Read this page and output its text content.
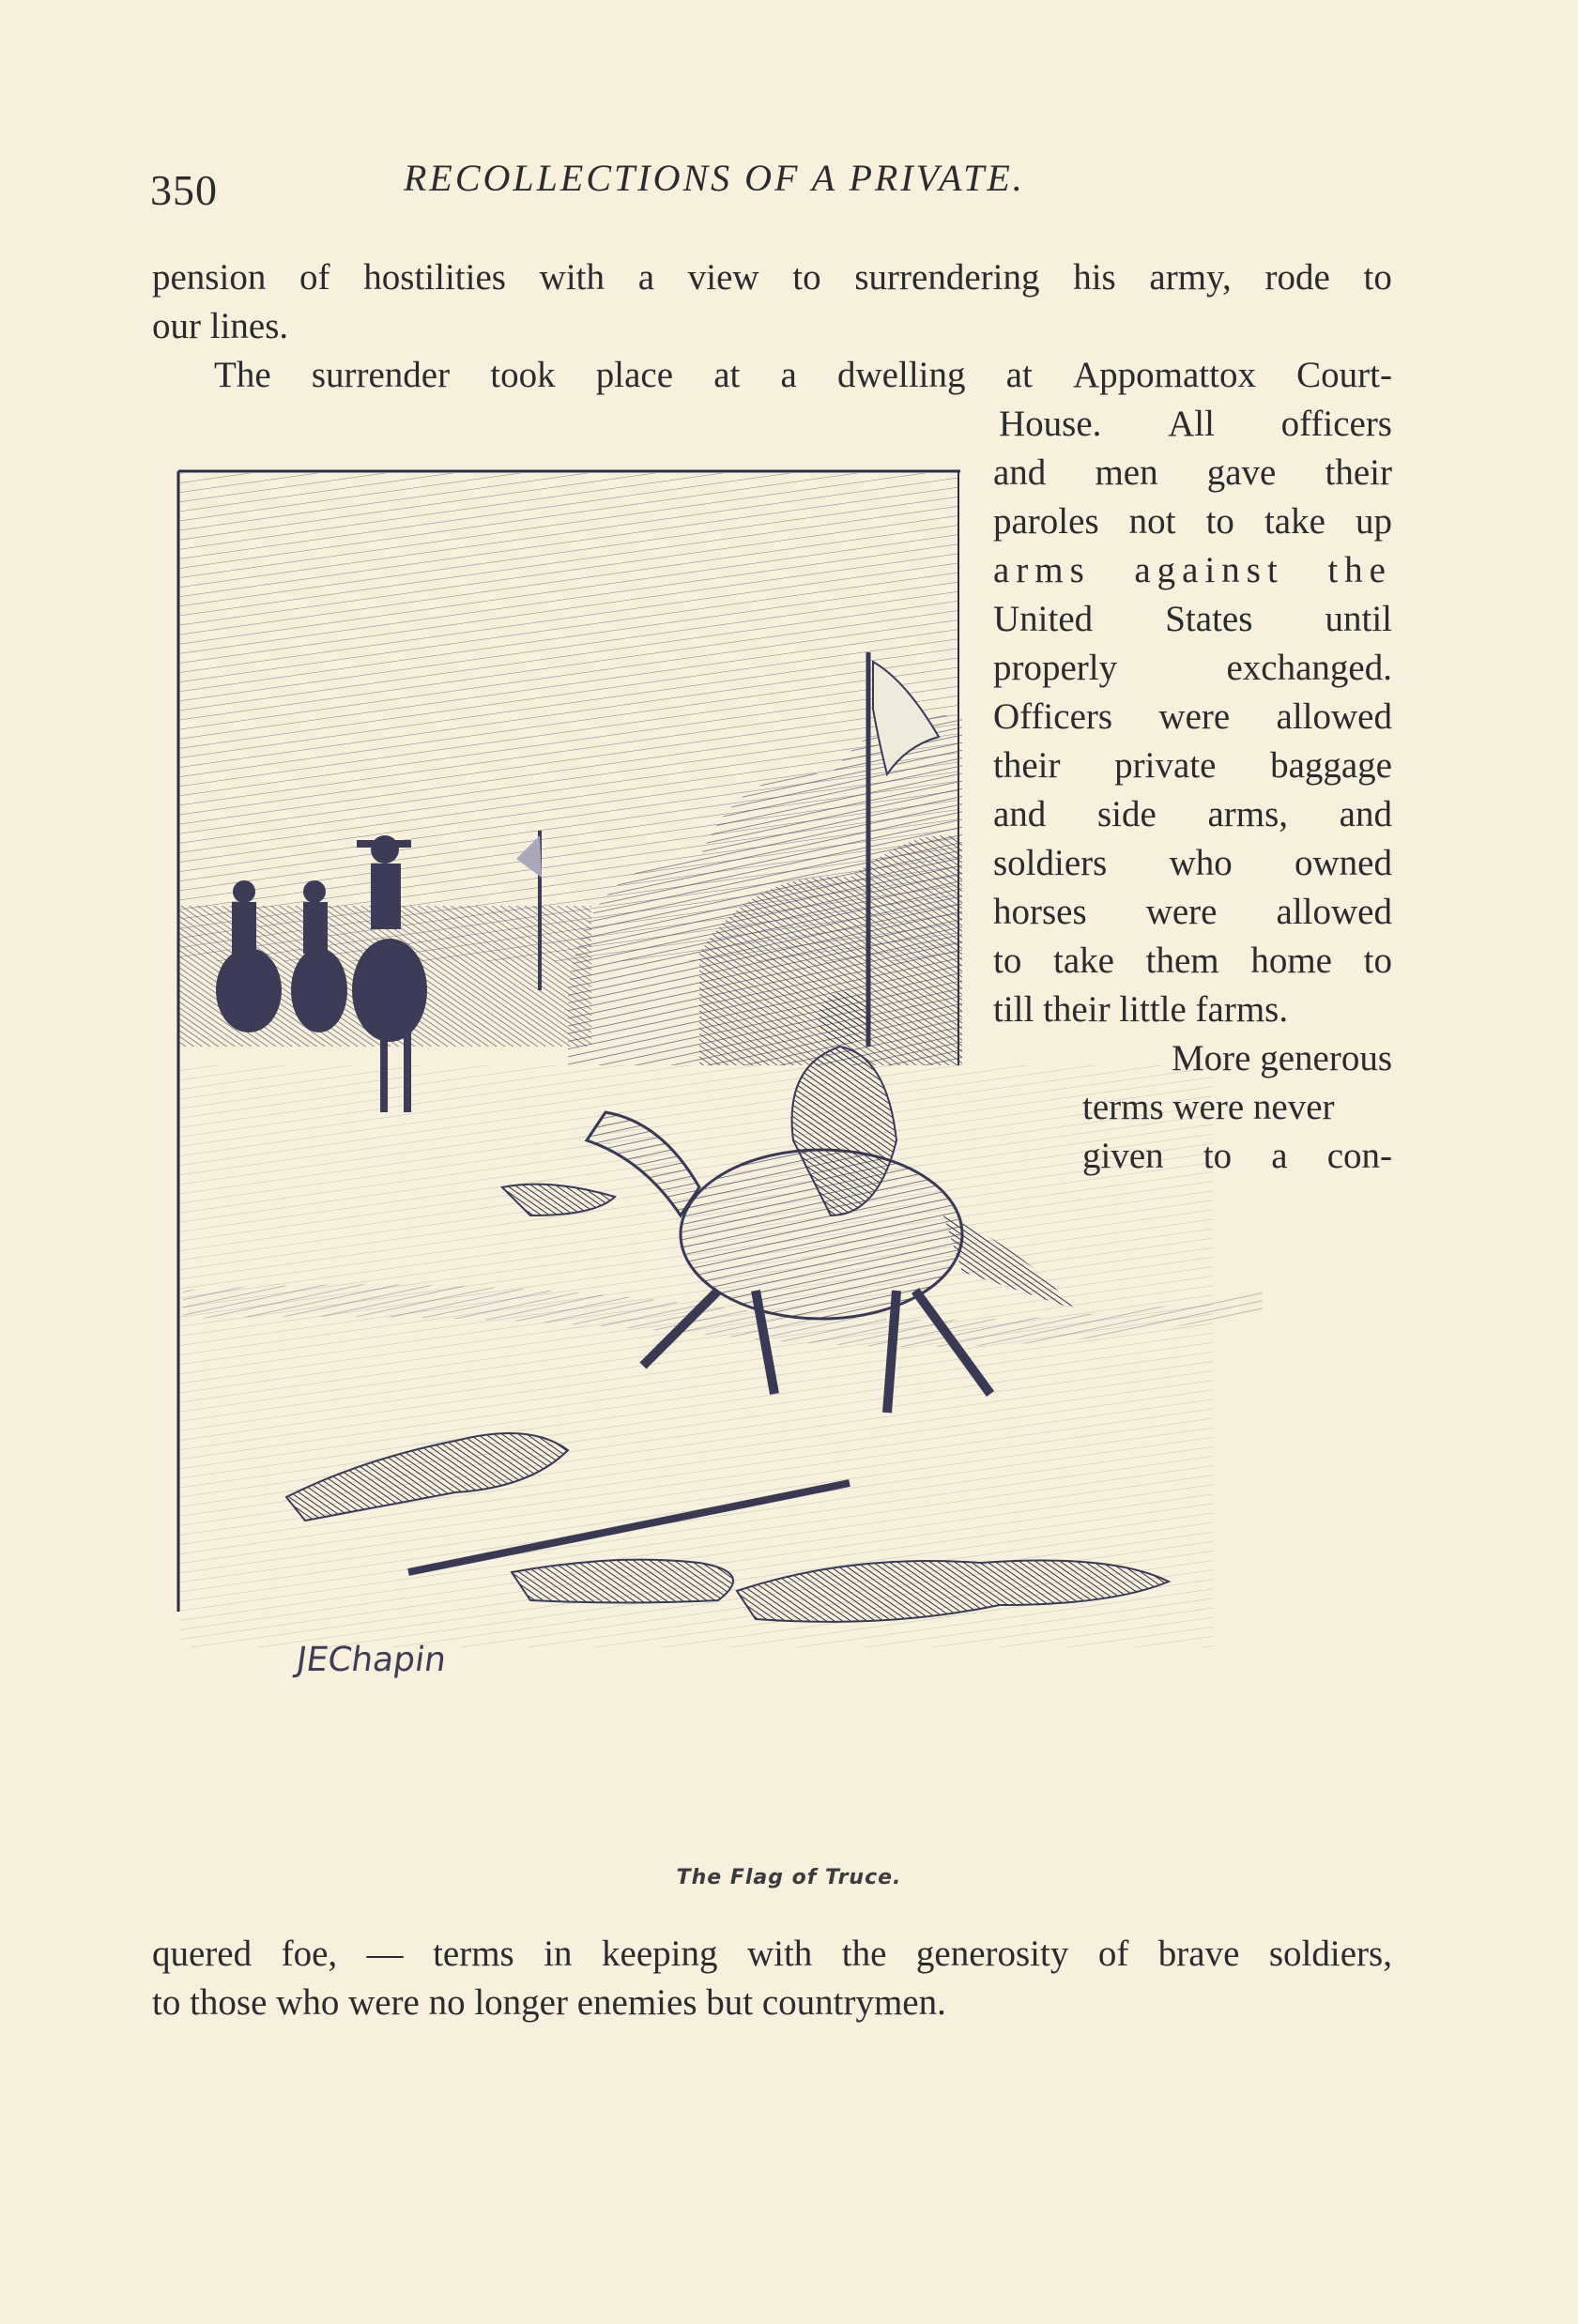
350	RECOLLECTIONS OF A PRIVATE.
pension of hostilities with a view to surrendering his army, rode to
our lines.
The surrender took place at a dwelling at Appomattox Court-
House. All officers
and men gave their
paroles not to take up
arms against the
United States until
properly	exchanged.
Officers were allowed
their private baggage
and side arms, and
soldiers who owned
horses were allowed
to take them home to
till their little farms.
More generous
terms were never
given to a con-
quered foe, — terms in keeping with the generosity of brave soldiers,
to those who were no longer enemies but countrymen.
JEChapin
The Flag of Truce.
